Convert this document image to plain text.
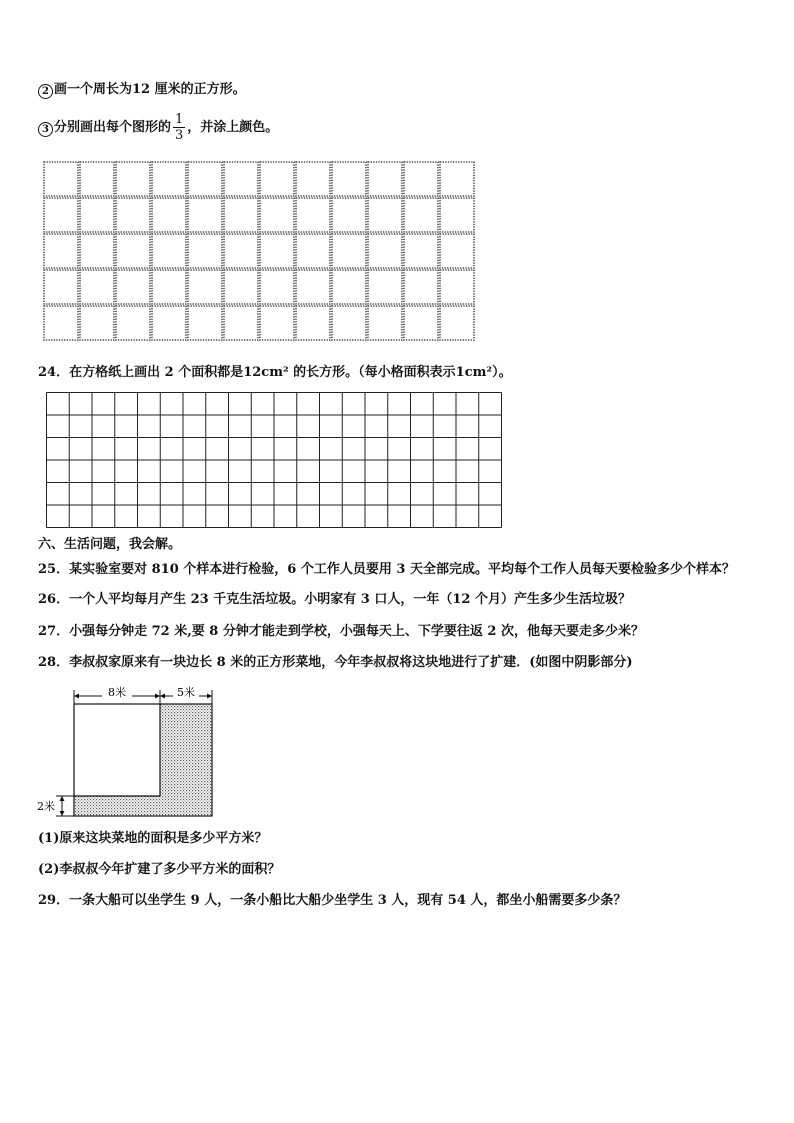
2 画一个周长为12 厘米的正方形。
3 分别画出每个图形的 $\frac{1}{3}$ ，并涂上颜色。
24．在方格纸上画出 2 个面积都是12cm² 的长方形。（每小格面积表示1cm²）。
六、生活问题，我会解。
25．某实验室要对 810 个样本进行检验，6 个工作人员要用 3 天全部完成。平均每个工作人员每天要检验多少个样本？
26．一个人平均每月产生 23 千克生活垃圾。小明家有 3 口人，一年（12 个月）产生多少生活垃圾？
27．小强每分钟走 72 米,要 8 分钟才能走到学校，小强每天上、下学要往返 2 次，他每天要走多少米？
28．李叔叔家原来有一块边长 8 米的正方形菜地，今年李叔叔将这块地进行了扩建．(如图中阴影部分)
8米	5米
2米
(1)原来这块菜地的面积是多少平方米？
(2)李叔叔今年扩建了多少平方米的面积？
29．一条大船可以坐学生 9 人，一条小船比大船少坐学生 3 人，现有 54 人，都坐小船需要多少条？
